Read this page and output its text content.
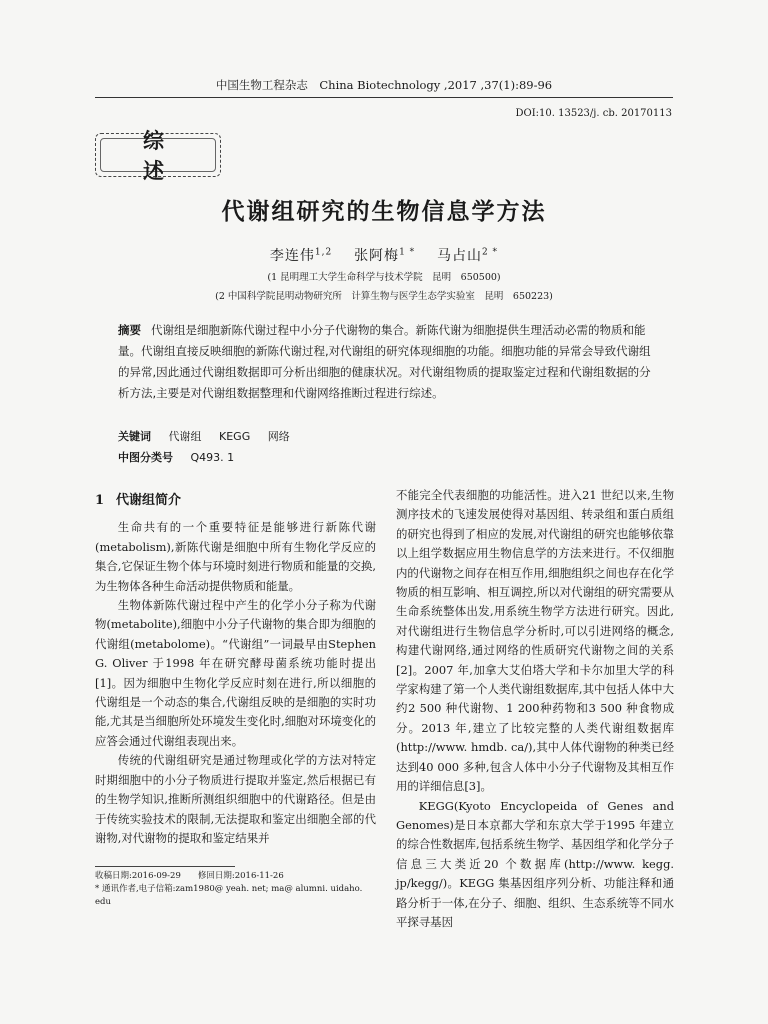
中国生物工程杂志　China Biotechnology ,2017 ,37(1):89-96
DOI:10. 13523/j. cb. 20170113
综述
代谢组研究的生物信息学方法
李连伟$^{1,2}$ 张阿梅$^{1 *}$ 马占山$^{2 *}$
(1 昆明理工大学生命科学与技术学院　昆明　650500)
(2 中国科学院昆明动物研究所　计算生物与医学生态学实验室　昆明　650223)
摘要 代谢组是细胞新陈代谢过程中小分子代谢物的集合。新陈代谢为细胞提供生理活动必需的物质和能量。代谢组直接反映细胞的新陈代谢过程,对代谢组的研究体现细胞的功能。细胞功能的异常会导致代谢组的异常,因此通过代谢组数据即可分析出细胞的健康状况。对代谢组物质的提取鉴定过程和代谢组数据的分析方法,主要是对代谢组数据整理和代谢网络推断过程进行综述。
关键词 代谢组 KEGG 网络
中图分类号 Q493. 1
1 代谢组简介

生命共有的一个重要特征是能够进行新陈代谢(metabolism),新陈代谢是细胞中所有生物化学反应的集合,它保证生物个体与环境时刻进行物质和能量的交换,为生物体各种生命活动提供物质和能量。

生物体新陈代谢过程中产生的化学小分子称为代谢物(metabolite),细胞中小分子代谢物的集合即为细胞的代谢组(metabolome)。“代谢组”一词最早由Stephen G. Oliver 于1998 年在研究酵母菌系统功能时提出[1]。因为细胞中生物化学反应时刻在进行,所以细胞的代谢组是一个动态的集合,代谢组反映的是细胞的实时功能,尤其是当细胞所处环境发生变化时,细胞对环境变化的应答会通过代谢组表现出来。

传统的代谢组研究是通过物理或化学的方法对特定时期细胞中的小分子物质进行提取并鉴定,然后根据已有的生物学知识,推断所测组织细胞中的代谢路径。但是由于传统实验技术的限制,无法提取和鉴定出细胞全部的代谢物,对代谢物的提取和鉴定结果并

不能完全代表细胞的功能活性。进入21 世纪以来,生物测序技术的飞速发展使得对基因组、转录组和蛋白质组的研究也得到了相应的发展,对代谢组的研究也能够依靠以上组学数据应用生物信息学的方法来进行。不仅细胞内的代谢物之间存在相互作用,细胞组织之间也存在化学物质的相互影响、相互调控,所以对代谢组的研究需要从生命系统整体出发,用系统生物学方法进行研究。因此,对代谢组进行生物信息学分析时,可以引进网络的概念,构建代谢网络,通过网络的性质研究代谢物之间的关系[2]。2007 年,加拿大艾伯塔大学和卡尔加里大学的科学家构建了第一个人类代谢组数据库,其中包括人体中大约2 500 种代谢物、1 200种药物和3 500 种食物成分。2013 年,建立了比较完整的人类代谢组数据库(http://www. hmdb. ca/),其中人体代谢物的种类已经达到40 000 多种,包含人体中小分子代谢物及其相互作用的详细信息[3]。

KEGG(Kyoto Encyclopeida of Genes and Genomes)是日本京都大学和东京大学于1995 年建立的综合性数据库,包括系统生物学、基因组学和化学分子信息三大类近20 个数据库(http://www. kegg. jp/kegg/)。KEGG 集基因组序列分析、功能注释和通路分析于一体,在分子、细胞、组织、生态系统等不同水平探寻基因

收稿日期:2016-09-29　　修回日期:2016-11-26
* 通讯作者,电子信箱:zam1980@ yeah. net; ma@ alumni. uidaho. edu
